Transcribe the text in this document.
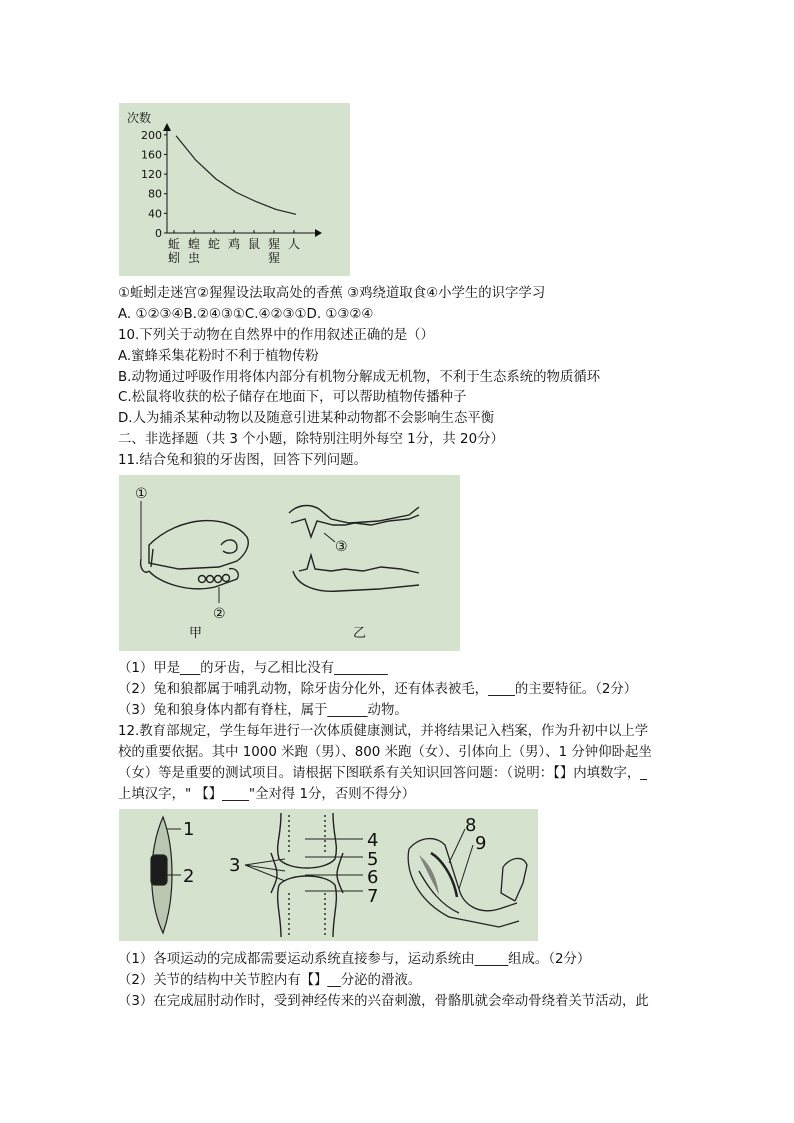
次数
0
40
80
120
160
200
蚯
蚓
蝗
虫
蛇 鸡 鼠 猩
猩
人
①蚯蚓走迷宫②猩猩设法取高处的香蕉 ③鸡绕道取食④小学生的识字学习
A. ①②③④B.②④③①C.④②③①D. ①③②④
10.下列关于动物在自然界中的作用叙述正确的是（）
A.蜜蜂采集花粉时不利于植物传粉
B.动物通过呼吸作用将体内部分有机物分解成无机物，不利于生态系统的物质循环
C.松鼠将收获的松子储存在地面下，可以帮助植物传播种子
D.人为捕杀某种动物以及随意引进某种动物都不会影响生态平衡
二、非选择题（共 3 个小题，除特别注明外每空 1分，共 20分）
11.结合兔和狼的牙齿图，回答下列问题。
①
②
甲
③
乙
（1）甲是___的牙齿，与乙相比没有________
（2）兔和狼都属于哺乳动物，除牙齿分化外，还有体表被毛，____的主要特征。（2分）
（3）兔和狼身体内都有脊柱，属于______动物。
12.教育部规定，学生每年进行一次体质健康测试，并将结果记入档案，作为升初中以上学
校的重要依据。其中 1000 米跑（男）、800 米跑（女）、引体向上（男）、1 分钟仰卧起坐
（女）等是重要的测试项目。请根据下图联系有关知识回答问题：（说明：【】内填数字，_
上填汉字，" 【】____"全对得 1分，否则不得分）
1
2
3
4
5
6
7
8
9
（1）各项运动的完成都需要运动系统直接参与，运动系统由_____组成。（2分）
（2）关节的结构中关节腔内有【】__分泌的滑液。
（3）在完成屈肘动作时，受到神经传来的兴奋刺激，骨骼肌就会牵动骨绕着关节活动，此
